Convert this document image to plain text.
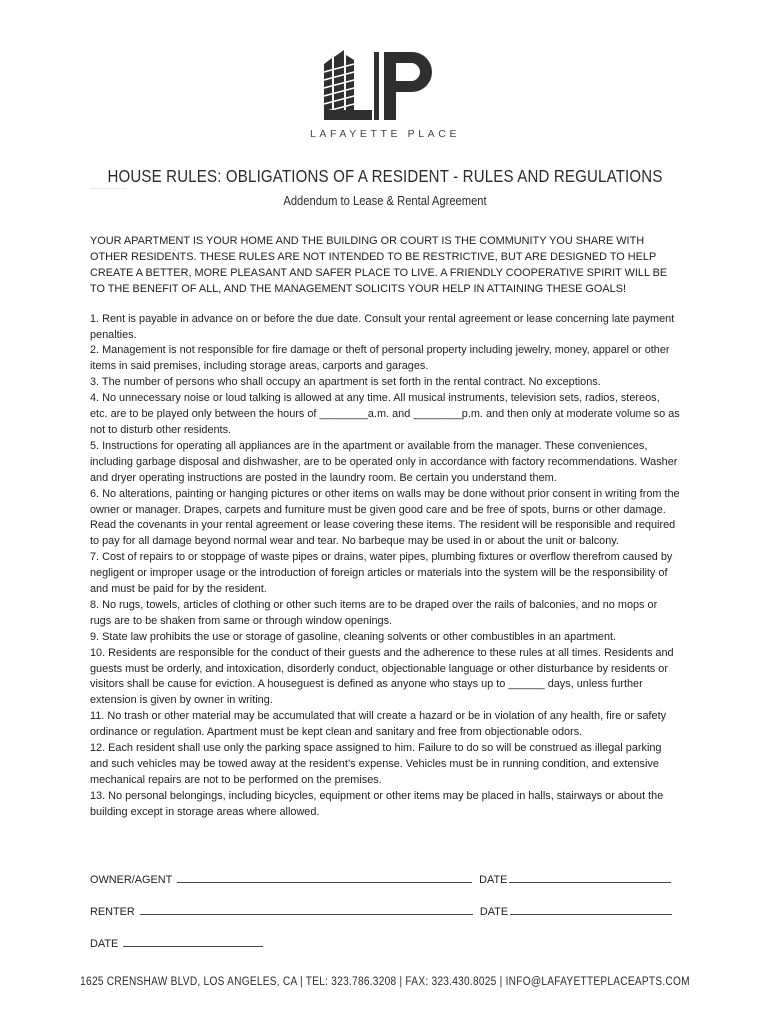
LAFAYETTE PLACE
HOUSE RULES: OBLIGATIONS OF A RESIDENT - RULES AND REGULATIONS
Addendum to Lease & Rental Agreement

YOUR APARTMENT IS YOUR HOME AND THE BUILDING OR COURT IS THE COMMUNITY YOU SHARE WITH OTHER RESIDENTS. THESE RULES ARE NOT INTENDED TO BE RESTRICTIVE, BUT ARE DESIGNED TO HELP CREATE A BETTER, MORE PLEASANT AND SAFER PLACE TO LIVE. A FRIENDLY COOPERATIVE SPIRIT WILL BE TO THE BENEFIT OF ALL, AND THE MANAGEMENT SOLICITS YOUR HELP IN ATTAINING THESE GOALS!

1. Rent is payable in advance on or before the due date. Consult your rental agreement or lease concerning late payment penalties.

2. Management is not responsible for fire damage or theft of personal property including jewelry, money, apparel or other items in said premises, including storage areas, carports and garages.

3. The number of persons who shall occupy an apartment is set forth in the rental contract. No exceptions.

4. No unnecessary noise or loud talking is allowed at any time. All musical instruments, television sets, radios, stereos, etc. are to be played only between the hours of ________a.m. and ________p.m. and then only at moderate volume so as not to disturb other residents.

5. Instructions for operating all appliances are in the apartment or available from the manager. These conveniences, including garbage disposal and dishwasher, are to be operated only in accordance with factory recommendations. Washer and dryer operating instructions are posted in the laundry room. Be certain you understand them.

6. No alterations, painting or hanging pictures or other items on walls may be done without prior consent in writing from the owner or manager. Drapes, carpets and furniture must be given good care and be free of spots, burns or other damage. Read the covenants in your rental agreement or lease covering these items. The resident will be responsible and required to pay for all damage beyond normal wear and tear. No barbeque may be used in or about the unit or balcony.

7. Cost of repairs to or stoppage of waste pipes or drains, water pipes, plumbing fixtures or overflow therefrom caused by negligent or improper usage or the introduction of foreign articles or materials into the system will be the responsibility of and must be paid for by the resident.

8. No rugs, towels, articles of clothing or other such items are to be draped over the rails of balconies, and no mops or rugs are to be shaken from same or through window openings.

9. State law prohibits the use or storage of gasoline, cleaning solvents or other combustibles in an apartment.

10. Residents are responsible for the conduct of their guests and the adherence to these rules at all times. Residents and guests must be orderly, and intoxication, disorderly conduct, objectionable language or other disturbance by residents or visitors shall be cause for eviction. A houseguest is defined as anyone who stays up to ______ days, unless further extension is given by owner in writing.

11. No trash or other material may be accumulated that will create a hazard or be in violation of any health, fire or safety ordinance or regulation. Apartment must be kept clean and sanitary and free from objectionable odors.

12. Each resident shall use only the parking space assigned to him. Failure to do so will be construed as illegal parking and such vehicles may be towed away at the resident’s expense. Vehicles must be in running condition, and extensive mechanical repairs are not to be performed on the premises.

13. No personal belongings, including bicycles, equipment or other items may be placed in halls, stairways or about the building except in storage areas where allowed.

OWNER/AGENT	DATE
RENTER	DATE
DATE
1625 CRENSHAW BLVD, LOS ANGELES, CA | TEL: 323.786.3208 | FAX: 323.430.8025 | INFO@LAFAYETTEPLACEAPTS.COM
